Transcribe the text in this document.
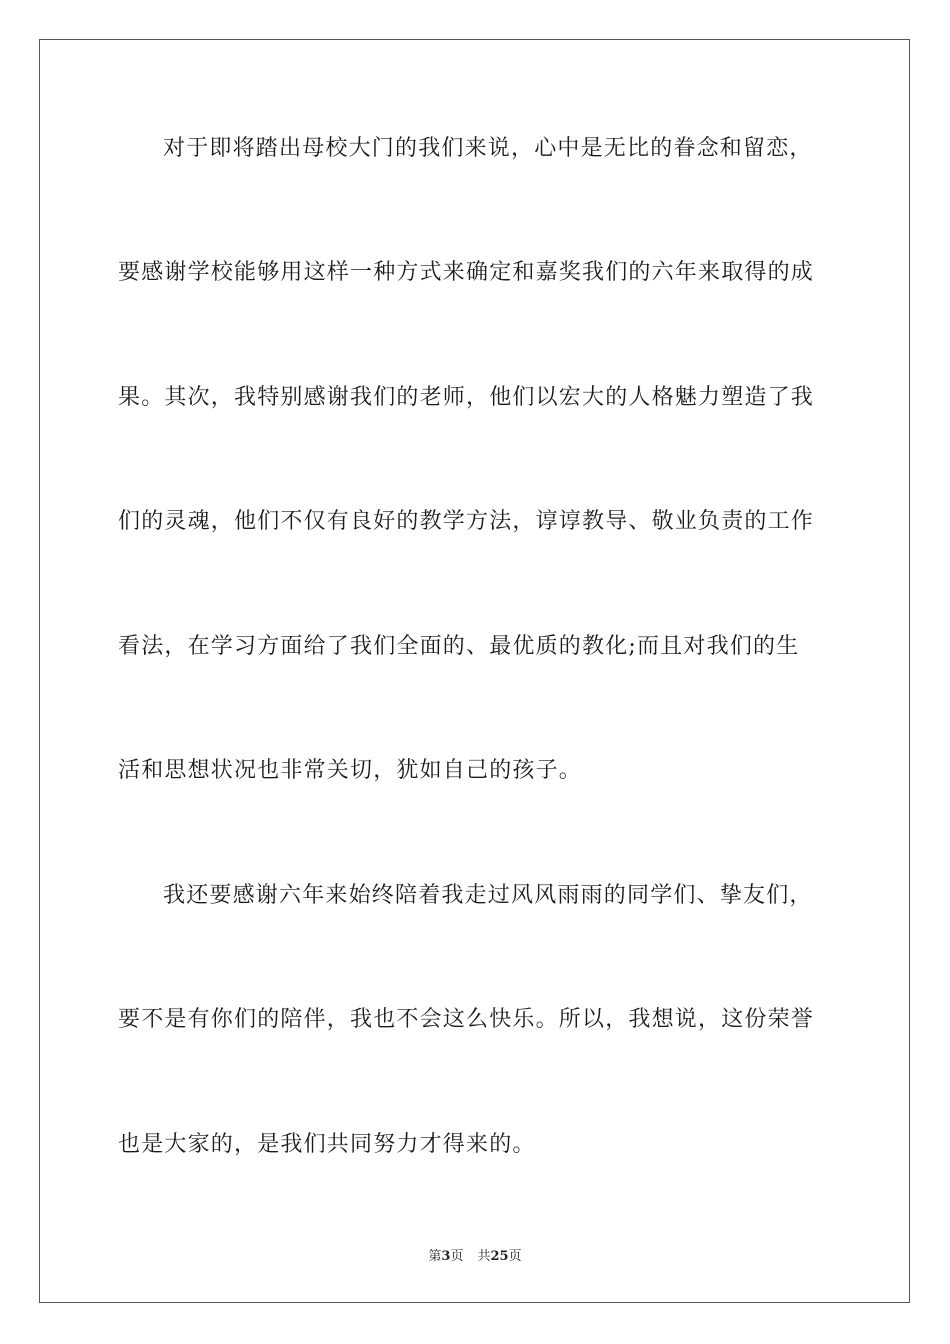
对于即将踏出母校大门的我们来说，心中是无比的眷念和留恋，
要感谢学校能够用这样一种方式来确定和嘉奖我们的六年来取得的成
果。其次，我特别感谢我们的老师，他们以宏大的人格魅力塑造了我
们的灵魂，他们不仅有良好的教学方法，谆谆教导、敬业负责的工作
看法，在学习方面给了我们全面的、最优质的教化;而且对我们的生
活和思想状况也非常关切，犹如自己的孩子。
我还要感谢六年来始终陪着我走过风风雨雨的同学们、挚友们，
要不是有你们的陪伴，我也不会这么快乐。所以，我想说，这份荣誉
也是大家的，是我们共同努力才得来的。
第3页 共25页
